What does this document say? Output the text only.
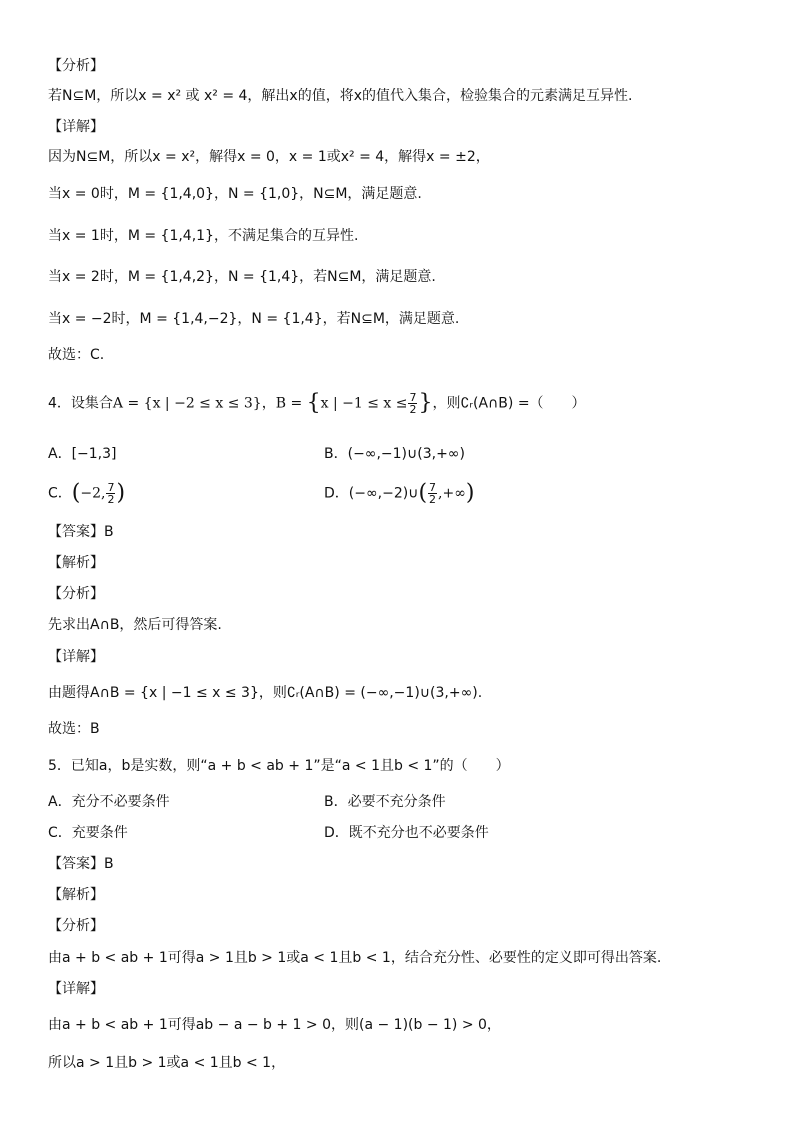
【分析】
若N⊆M，所以x = x² 或 x² = 4，解出x的值，将x的值代入集合，检验集合的元素满足互异性.
【详解】
因为N⊆M，所以x = x²，解得x = 0，x = 1或x² = 4，解得x = ±2，
当x = 0时，M = {1,4,0}，N = {1,0}，N⊆M，满足题意.
当x = 1时，M = {1,4,1}，不满足集合的互异性.
当x = 2时，M = {1,4,2}，N = {1,4}，若N⊆M，满足题意.
当x = −2时，M = {1,4,−2}，N = {1,4}，若N⊆M，满足题意.
故选：C.
4．设集合A = {x | −2 ≤ x ≤ 3}，B = {x | $-1 \le x \le \frac{7}{2}$ }，则∁ᵣ(A∩B) =（　　）
A．[−1,3]	B．(−∞,−1)∪(3,+∞)
C．(−2, $\frac{7}{2}$ )	D．(−∞,−2)∪( $\frac{7}{2}$ ,+∞)
【答案】B
【解析】
【分析】
先求出A∩B，然后可得答案.
【详解】
由题得A∩B = {x | −1 ≤ x ≤ 3}，则∁ᵣ(A∩B) = (−∞,−1)∪(3,+∞).
故选：B
5．已知a，b是实数，则“a + b < ab + 1”是“a < 1且b < 1”的（　　）
A．充分不必要条件	B．必要不充分条件
C．充要条件	D．既不充分也不必要条件
【答案】B
【解析】
【分析】
由a + b < ab + 1可得a > 1且b > 1或a < 1且b < 1，结合充分性、必要性的定义即可得出答案.
【详解】
由a + b < ab + 1可得ab − a − b + 1 > 0，则(a − 1)(b − 1) > 0，
所以a > 1且b > 1或a < 1且b < 1，
